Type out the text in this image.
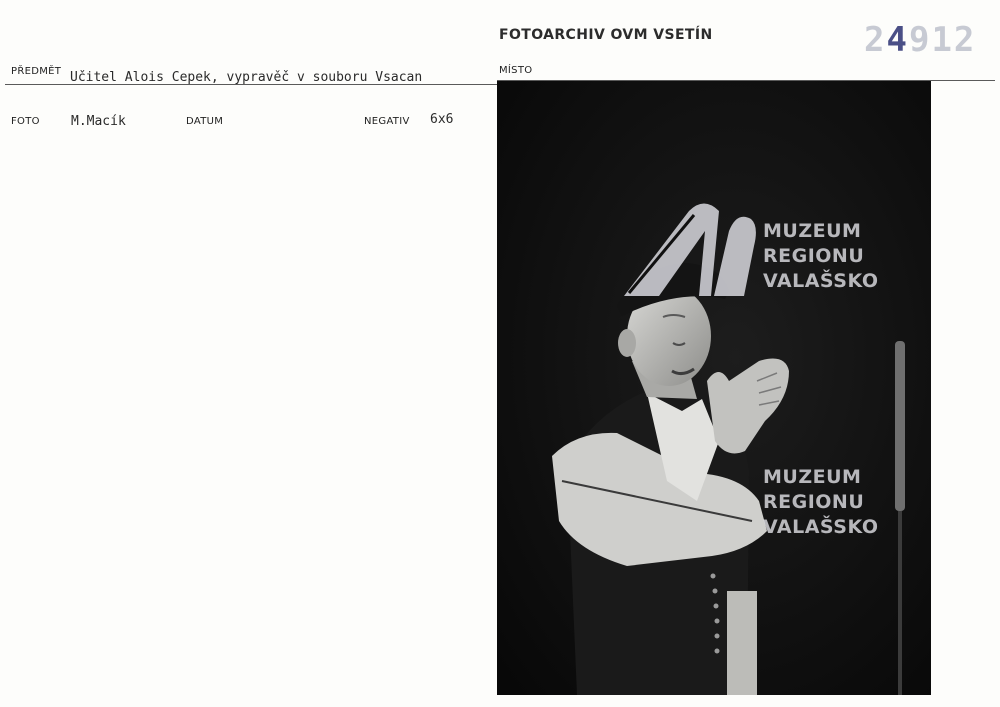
FOTOARCHIV OVM VSETÍN	24912
PŘEDMĚT Učitel Alois Cepek, vypravěč v souboru Vsacan	MÍSTO
FOTO M.Macík	DATUM	NEGATIV 6x6
MUZEUM
REGIONU
VALAŠSKO
MUZEUM
REGIONU
VALAŠSKO
